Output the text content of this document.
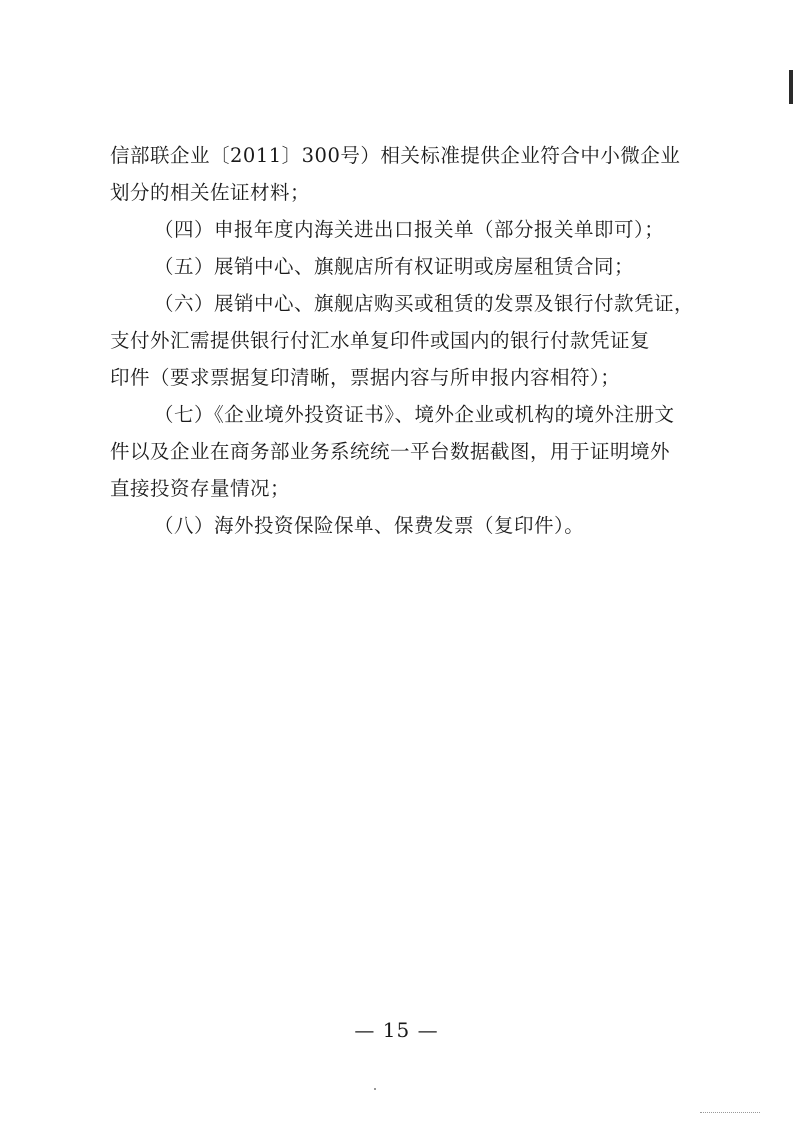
信部联企业〔2011〕300号）相关标准提供企业符合中小微企业
划分的相关佐证材料；
（四）申报年度内海关进出口报关单（部分报关单即可）；
（五）展销中心、旗舰店所有权证明或房屋租赁合同；
（六）展销中心、旗舰店购买或租赁的发票及银行付款凭证，
支付外汇需提供银行付汇水单复印件或国内的银行付款凭证复
印件（要求票据复印清晰，票据内容与所申报内容相符）；
（七）《企业境外投资证书》、境外企业或机构的境外注册文
件以及企业在商务部业务系统统一平台数据截图，用于证明境外
直接投资存量情况；
（八）海外投资保险保单、保费发票（复印件）。
— 15 —
